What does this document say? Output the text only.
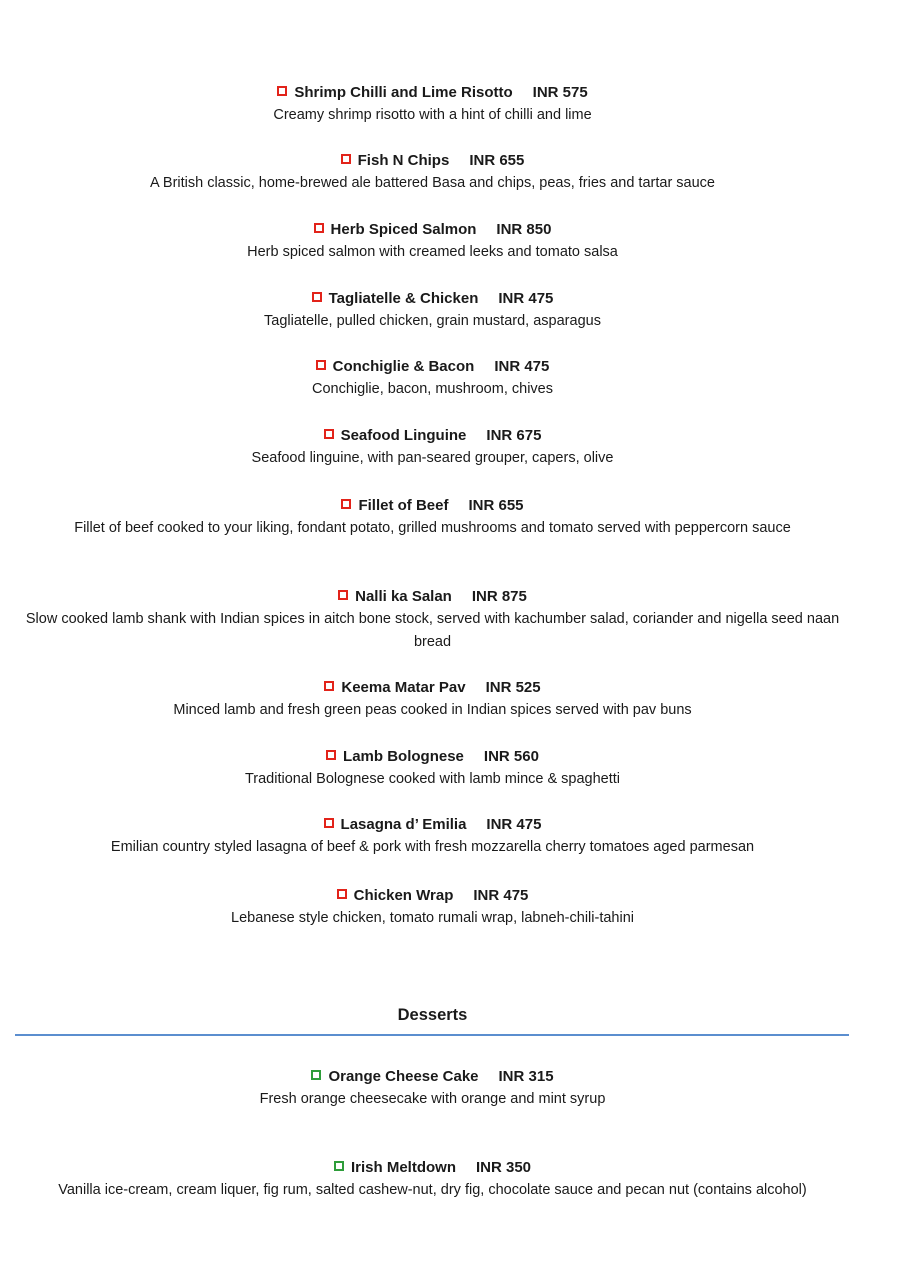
Shrimp Chilli and Lime Risotto INR 575
Creamy shrimp risotto with a hint of chilli and lime
Fish N Chips INR 655
A British classic, home-brewed ale battered Basa and chips, peas, fries and tartar sauce
Herb Spiced Salmon INR 850
Herb spiced salmon with creamed leeks and tomato salsa
Tagliatelle & Chicken INR 475
Tagliatelle, pulled chicken, grain mustard, asparagus
Conchiglie & Bacon INR 475
Conchiglie, bacon, mushroom, chives
Seafood Linguine INR 675
Seafood linguine, with pan-seared grouper, capers, olive
Fillet of Beef INR 655
Fillet of beef cooked to your liking, fondant potato, grilled mushrooms and tomato served with peppercorn sauce
Nalli ka Salan INR 875
Slow cooked lamb shank with Indian spices in aitch bone stock, served with kachumber salad, coriander and nigella seed naan bread
Keema Matar Pav INR 525
Minced lamb and fresh green peas cooked in Indian spices served with pav buns
Lamb Bolognese INR 560
Traditional Bolognese cooked with lamb mince & spaghetti
Lasagna d’ Emilia INR 475
Emilian country styled lasagna of beef & pork with fresh mozzarella cherry tomatoes aged parmesan
Chicken Wrap INR 475
Lebanese style chicken, tomato rumali wrap, labneh-chili-tahini
Desserts
Orange Cheese Cake INR 315
Fresh orange cheesecake with orange and mint syrup
Irish Meltdown INR 350
Vanilla ice-cream, cream liquer, fig rum, salted cashew-nut, dry fig, chocolate sauce and pecan nut (contains alcohol)
